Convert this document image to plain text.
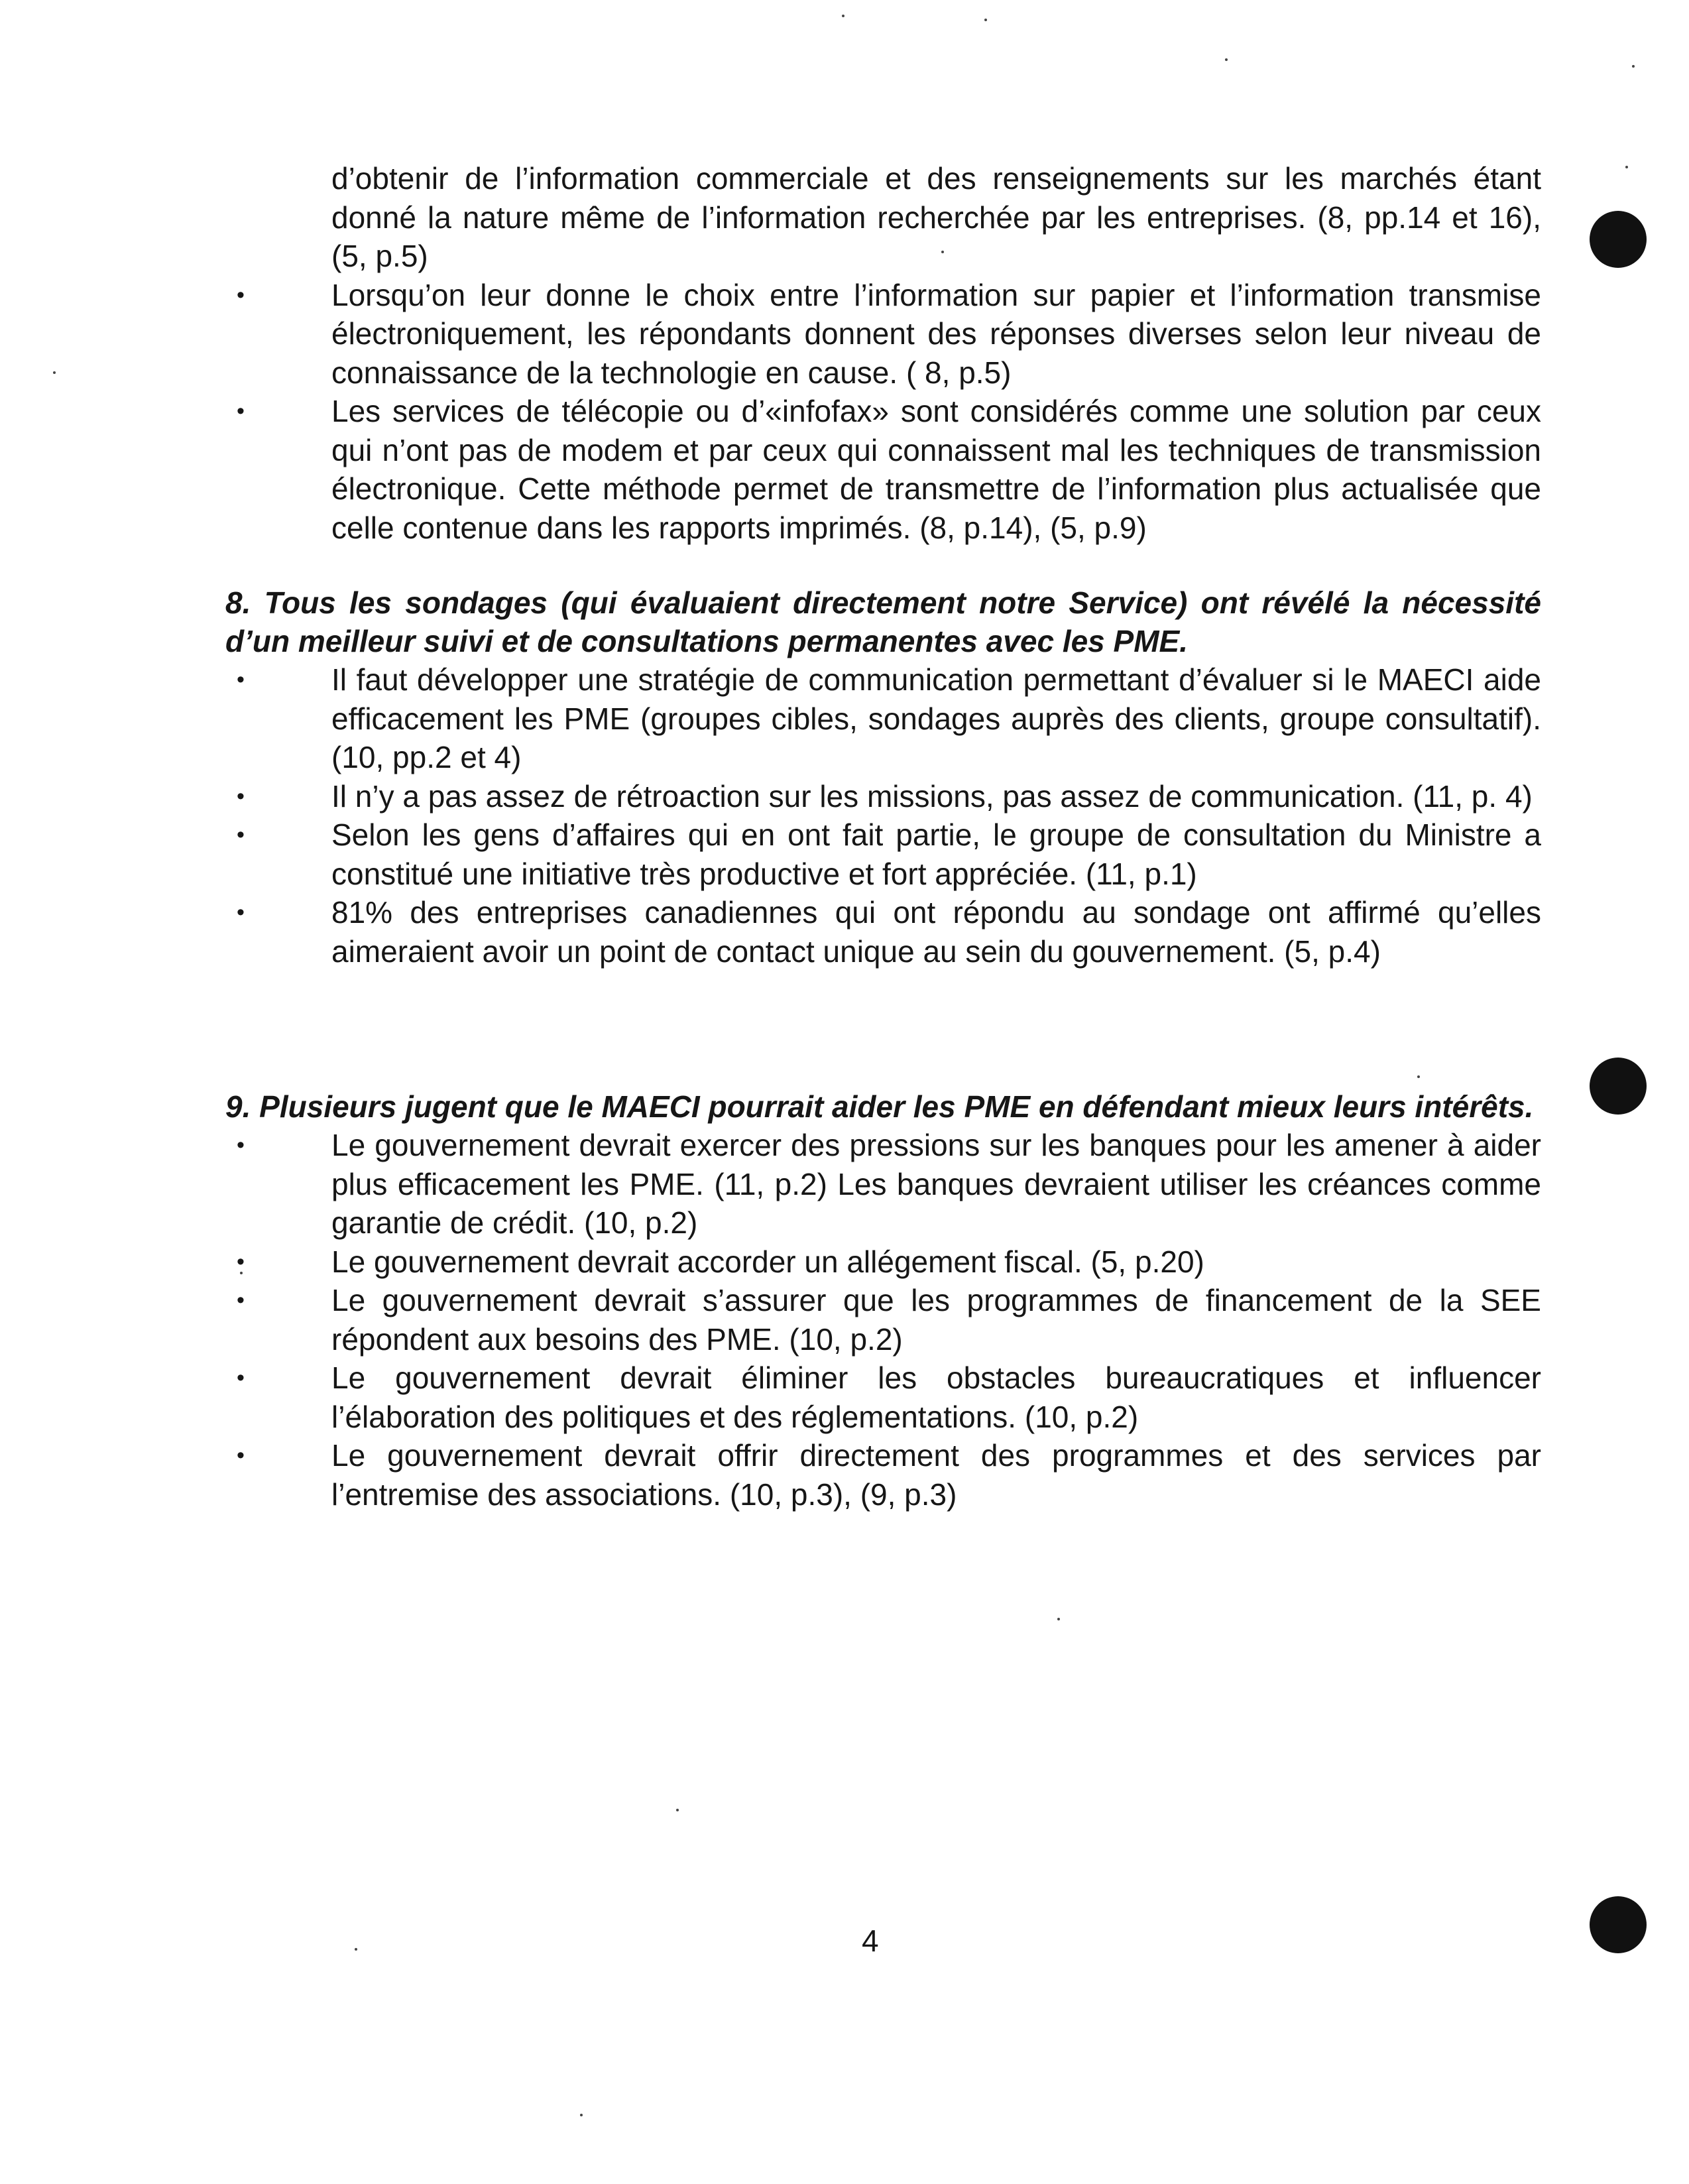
d’obtenir de l’information commerciale et des renseignements sur les marchés étant donné la nature même de l’information recherchée par les entreprises. (8, pp.14 et 16), (5, p.5)

•	Lorsqu’on leur donne le choix entre l’information sur papier et l’information transmise électroniquement, les répondants donnent des réponses diverses selon leur niveau de connaissance de la technologie en cause. ( 8, p.5)
•	Les services de télécopie ou d’«infofax» sont considérés comme une solution par ceux qui n’ont pas de modem et par ceux qui connaissent mal les techniques de transmission électronique. Cette méthode permet de transmettre de l’information plus actualisée que celle contenue dans les rapports imprimés. (8, p.14), (5, p.9)
8. Tous les sondages (qui évaluaient directement notre Service) ont révélé la nécessité d’un meilleur suivi et de consultations permanentes avec les PME.
•	Il faut développer une stratégie de communication permettant d’évaluer si le MAECI aide efficacement les PME (groupes cibles, sondages auprès des clients, groupe consultatif). (10, pp.2 et 4)
•	Il n’y a pas assez de rétroaction sur les missions, pas assez de communication. (11, p. 4)
•	Selon les gens d’affaires qui en ont fait partie, le groupe de consultation du Ministre a constitué une initiative très productive et fort appréciée. (11, p.1)
•	81% des entreprises canadiennes qui ont répondu au sondage ont affirmé qu’elles aimeraient avoir un point de contact unique au sein du gouvernement. (5, p.4)
9. Plusieurs jugent que le MAECI pourrait aider les PME en défendant mieux leurs intérêts.
•	Le gouvernement devrait exercer des pressions sur les banques pour les amener à aider plus efficacement les PME. (11, p.2) Les banques devraient utiliser les créances comme garantie de crédit. (10, p.2)
•	Le gouvernement devrait accorder un allégement fiscal. (5, p.20)
•	Le gouvernement devrait s’assurer que les programmes de financement de la SEE répondent aux besoins des PME. (10, p.2)
•	Le gouvernement devrait éliminer les obstacles bureaucratiques et influencer l’élaboration des politiques et des réglementations. (10, p.2)
•	Le gouvernement devrait offrir directement des programmes et des services par l’entremise des associations. (10, p.3), (9, p.3)
4
